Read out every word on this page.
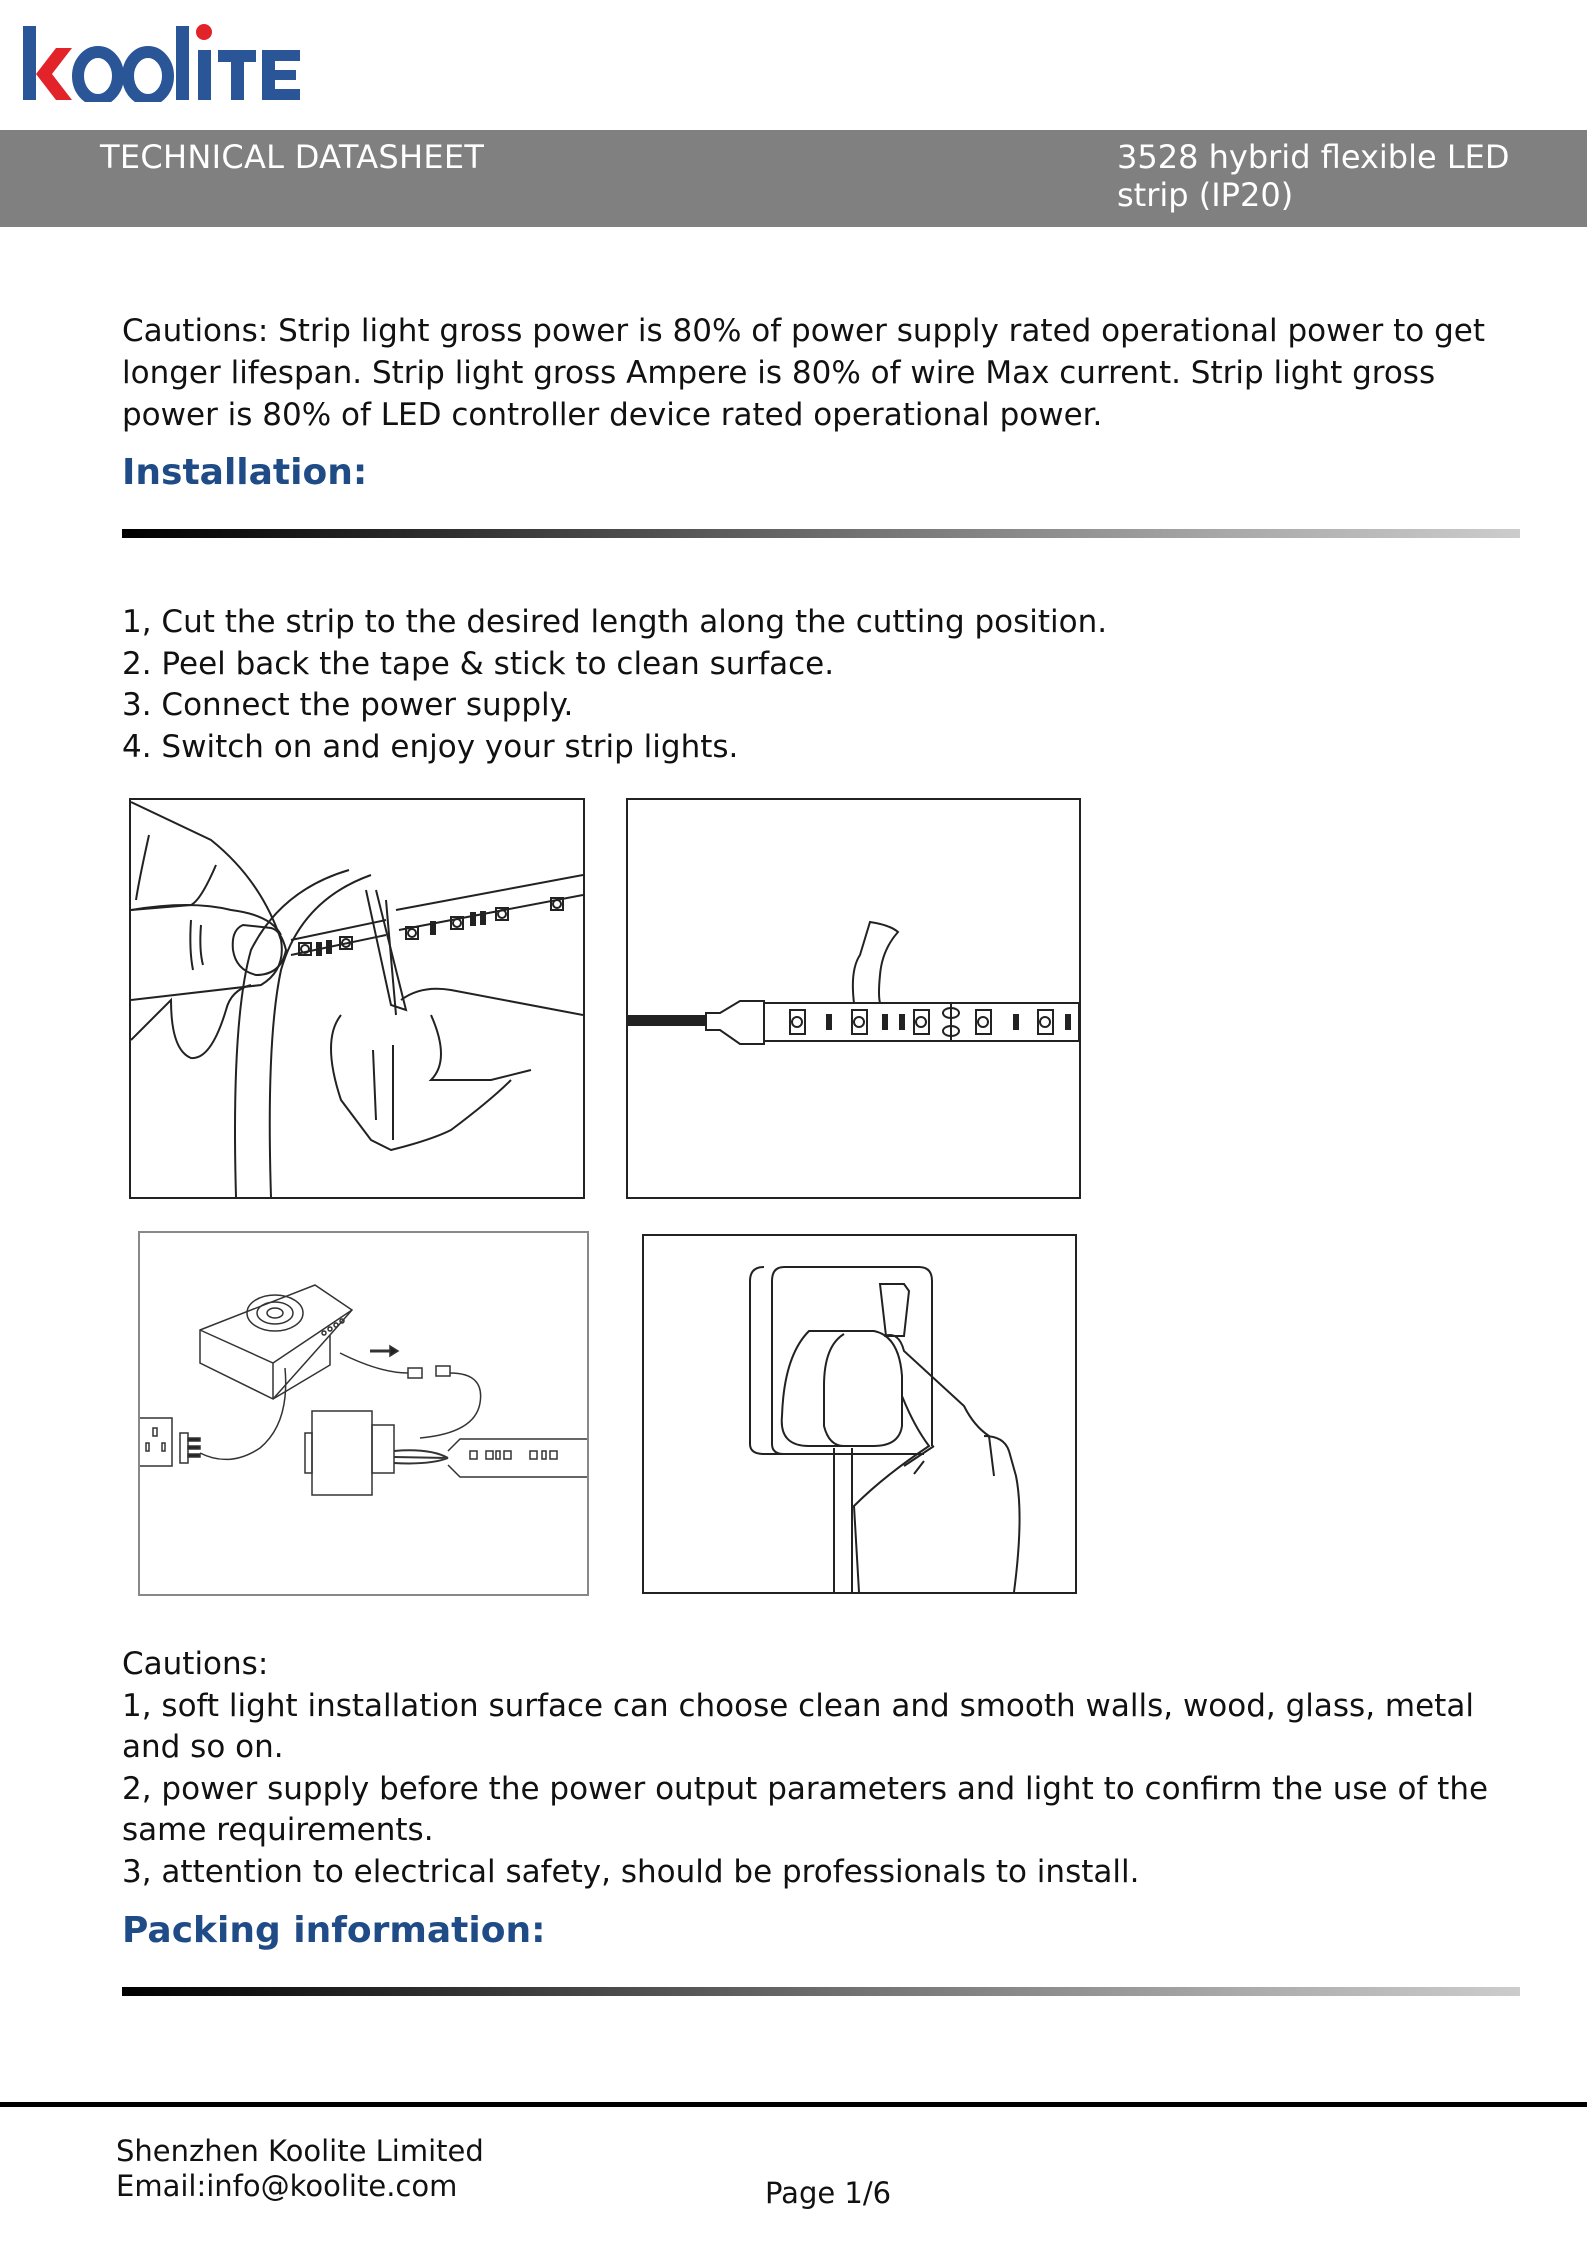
TECHNICAL DATASHEET	3528 hybrid flexible LED strip (IP20)
Cautions: Strip light gross power is 80% of power supply rated operational power to get longer lifespan. Strip light gross Ampere is 80% of wire Max current. Strip light gross power is 80% of LED controller device rated operational power.
Installation:
1, Cut the strip to the desired length along the cutting position.
2. Peel back the tape & stick to clean surface.
3. Connect the power supply.
4. Switch on and enjoy your strip lights.
Cautions:
1, soft light installation surface can choose clean and smooth walls, wood, glass, metal and so on.
2, power supply before the power output parameters and light to confirm the use of the same requirements.
3, attention to electrical safety, should be professionals to install.
Packing information:
Shenzhen Koolite Limited
Email:info@koolite.com	Page 1/6
